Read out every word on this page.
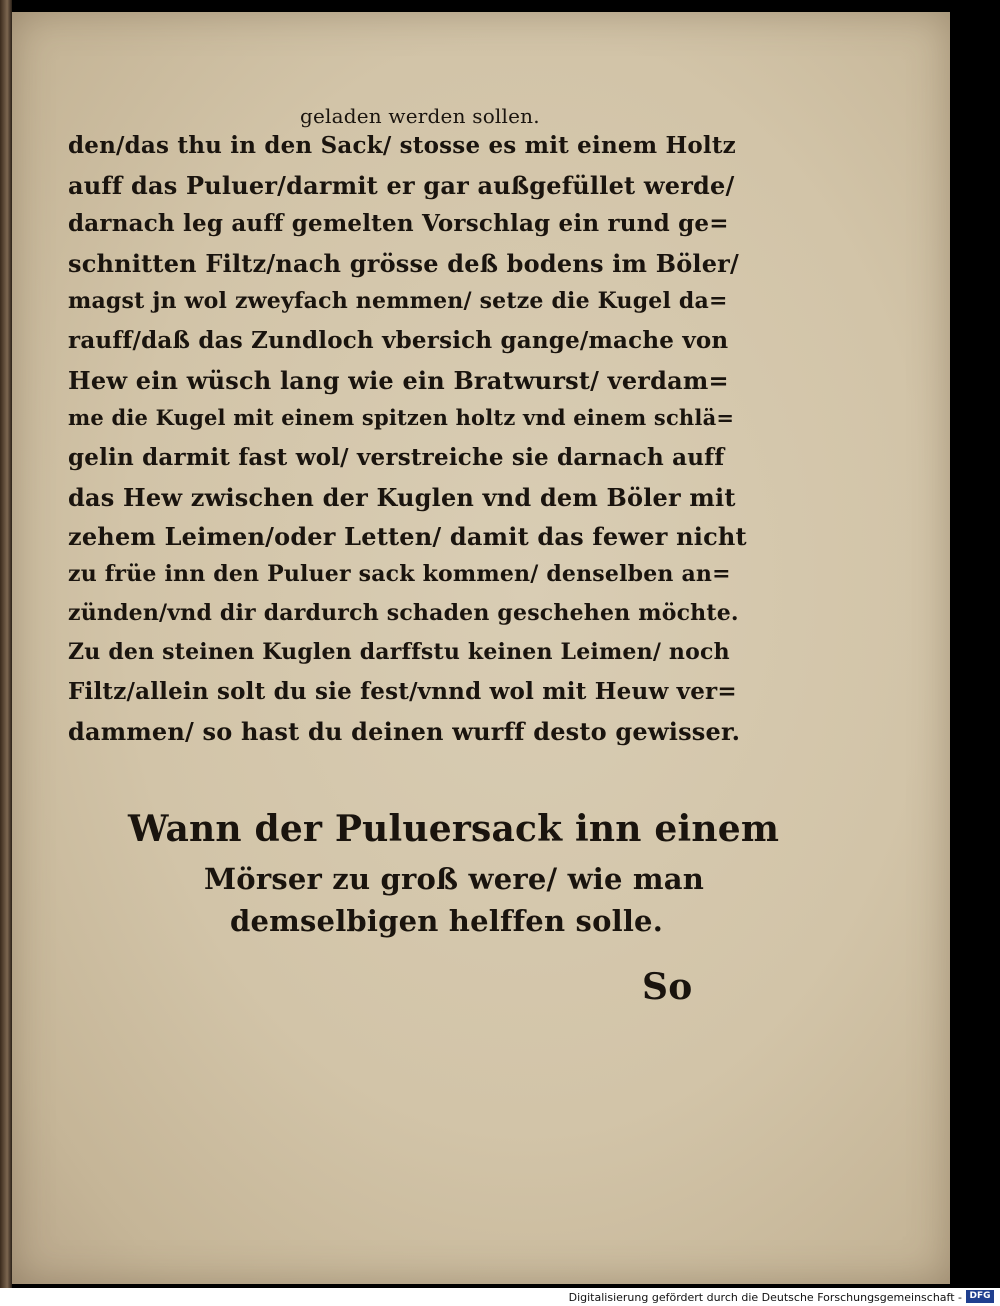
geladen werden sollen.
den/das thu in den Sack/ stosse es mit einem Holtz
auff das Puluer/darmit er gar außgefüllet werde/
darnach leg auff gemelten Vorschlag ein rund ge=
schnitten Filtz/nach grösse deß bodens im Böler/
magst jn wol zweyfach nemmen/ setze die Kugel da=
rauff/daß das Zundloch vbersich gange/mache von
Hew ein wüsch lang wie ein Bratwurst/ verdam=
me die Kugel mit einem spitzen holtz vnd einem schlä=
gelin darmit fast wol/ verstreiche sie darnach auff
das Hew zwischen der Kuglen vnd dem Böler mit
zehem Leimen/oder Letten/ damit das fewer nicht
zu früe inn den Puluer sack kommen/ denselben an=
zünden/vnd dir dardurch schaden geschehen möchte.
Zu den steinen Kuglen darffstu keinen Leimen/ noch
Filtz/allein solt du sie fest/vnnd wol mit Heuw ver=
dammen/ so hast du deinen wurff desto gewisser.
Wann der Puluersack inn einem
Mörser zu groß were/ wie man
demselbigen helffen solle.
So
Digitalisierung gefördert durch die Deutsche Forschungsgemeinschaft - DFG
